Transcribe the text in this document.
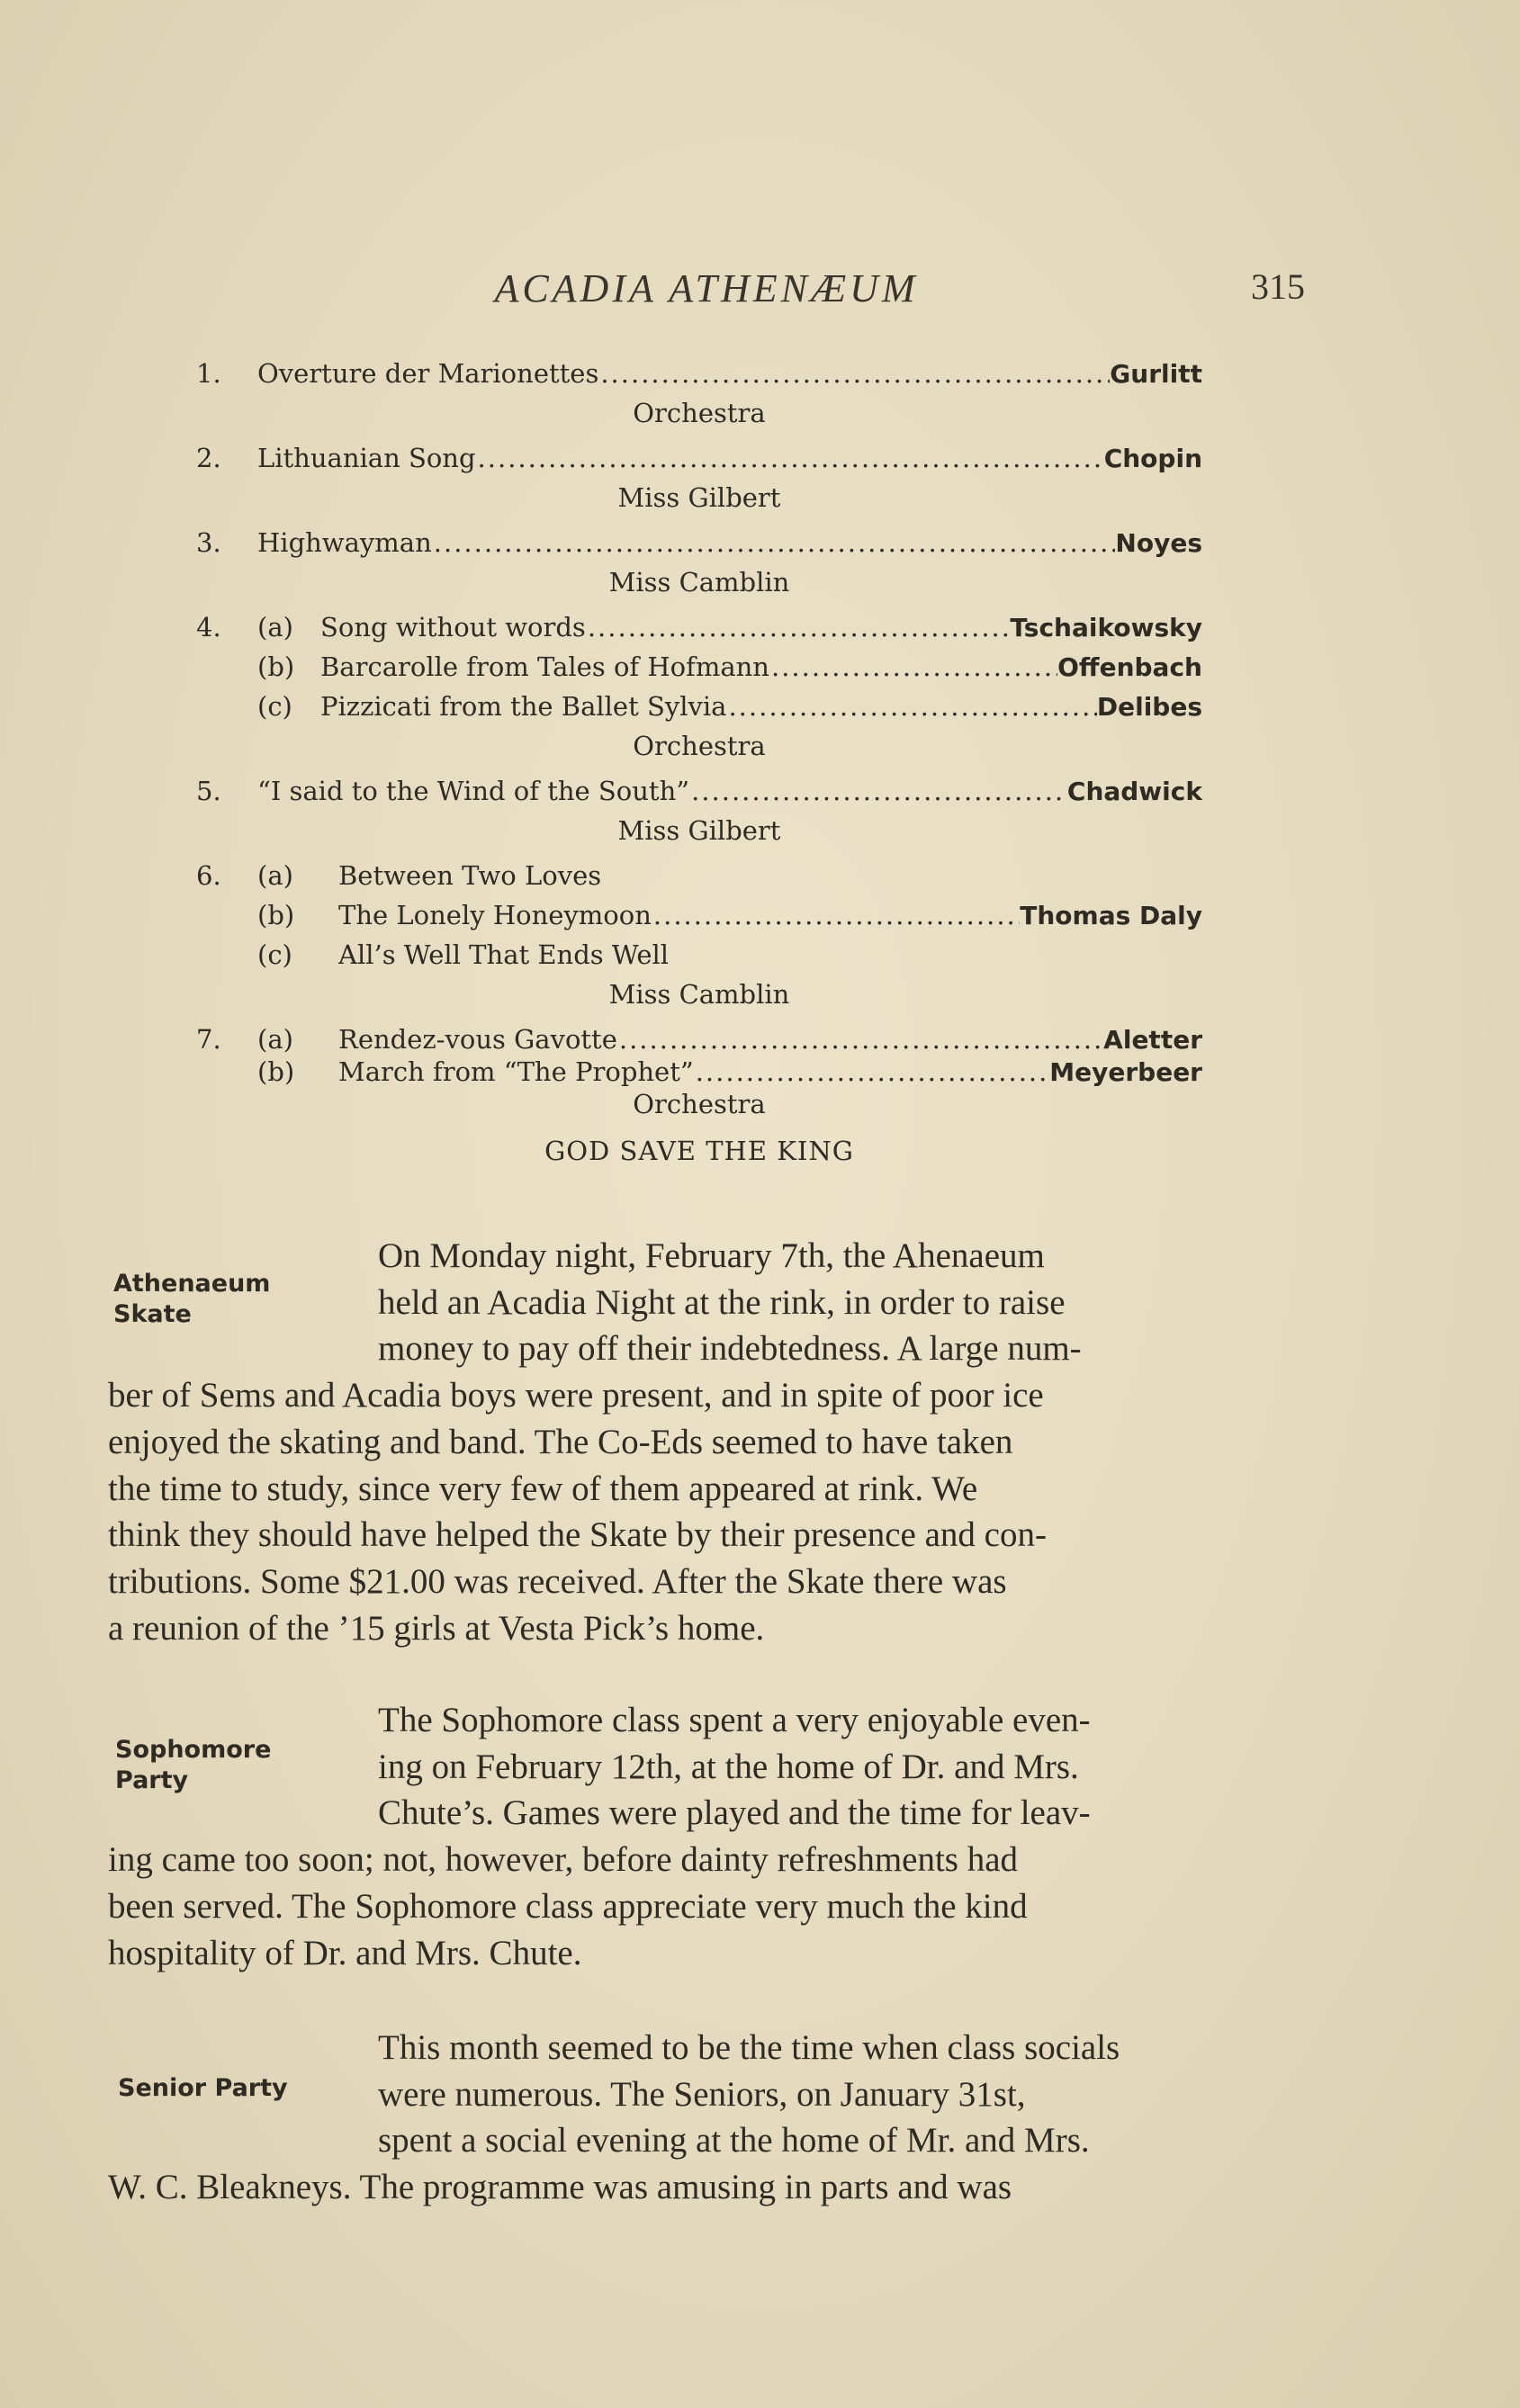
ACADIA ATHENÆUM	315
1.	Overture der Marionettes .....	Gurlitt
Orchestra
2.	Lithuanian Song .....	Chopin
Miss Gilbert
3.	Highwayman .....	Noyes
Miss Camblin
4.	(a) Song without words .....	Tschaikowsky
(b) Barcarolle from Tales of Hofmann .....	Offenbach
(c) Pizzicati from the Ballet Sylvia .....	Delibes
Orchestra
5.	“I said to the Wind of the South” .....	Chadwick
Miss Gilbert
6.	(a) Between Two Loves
(b) The Lonely Honeymoon .....	Thomas Daly
(c) All’s Well That Ends Well
Miss Camblin
7.	(a) Rendez-vous Gavotte .....	Aletter
(b) March from “The Prophet” .....	Meyerbeer
Orchestra
GOD SAVE THE KING
Athenaeum
Skate
On Monday night, February 7th, the Ahenaeum
held an Acadia Night at the rink, in order to raise
money to pay off their indebtedness. A large num-
ber of Sems and Acadia boys were present, and in spite of poor ice
enjoyed the skating and band. The Co-Eds seemed to have taken
the time to study, since very few of them appeared at rink. We
think they should have helped the Skate by their presence and con-
tributions. Some $21.00 was received. After the Skate there was
a reunion of the ’15 girls at Vesta Pick’s home.
Sophomore
Party
The Sophomore class spent a very enjoyable even-
ing on February 12th, at the home of Dr. and Mrs.
Chute’s. Games were played and the time for leav-
ing came too soon; not, however, before dainty refreshments had
been served. The Sophomore class appreciate very much the kind
hospitality of Dr. and Mrs. Chute.
Senior Party
This month seemed to be the time when class socials
were numerous. The Seniors, on January 31st,
spent a social evening at the home of Mr. and Mrs.
W. C. Bleakneys. The programme was amusing in parts and was
